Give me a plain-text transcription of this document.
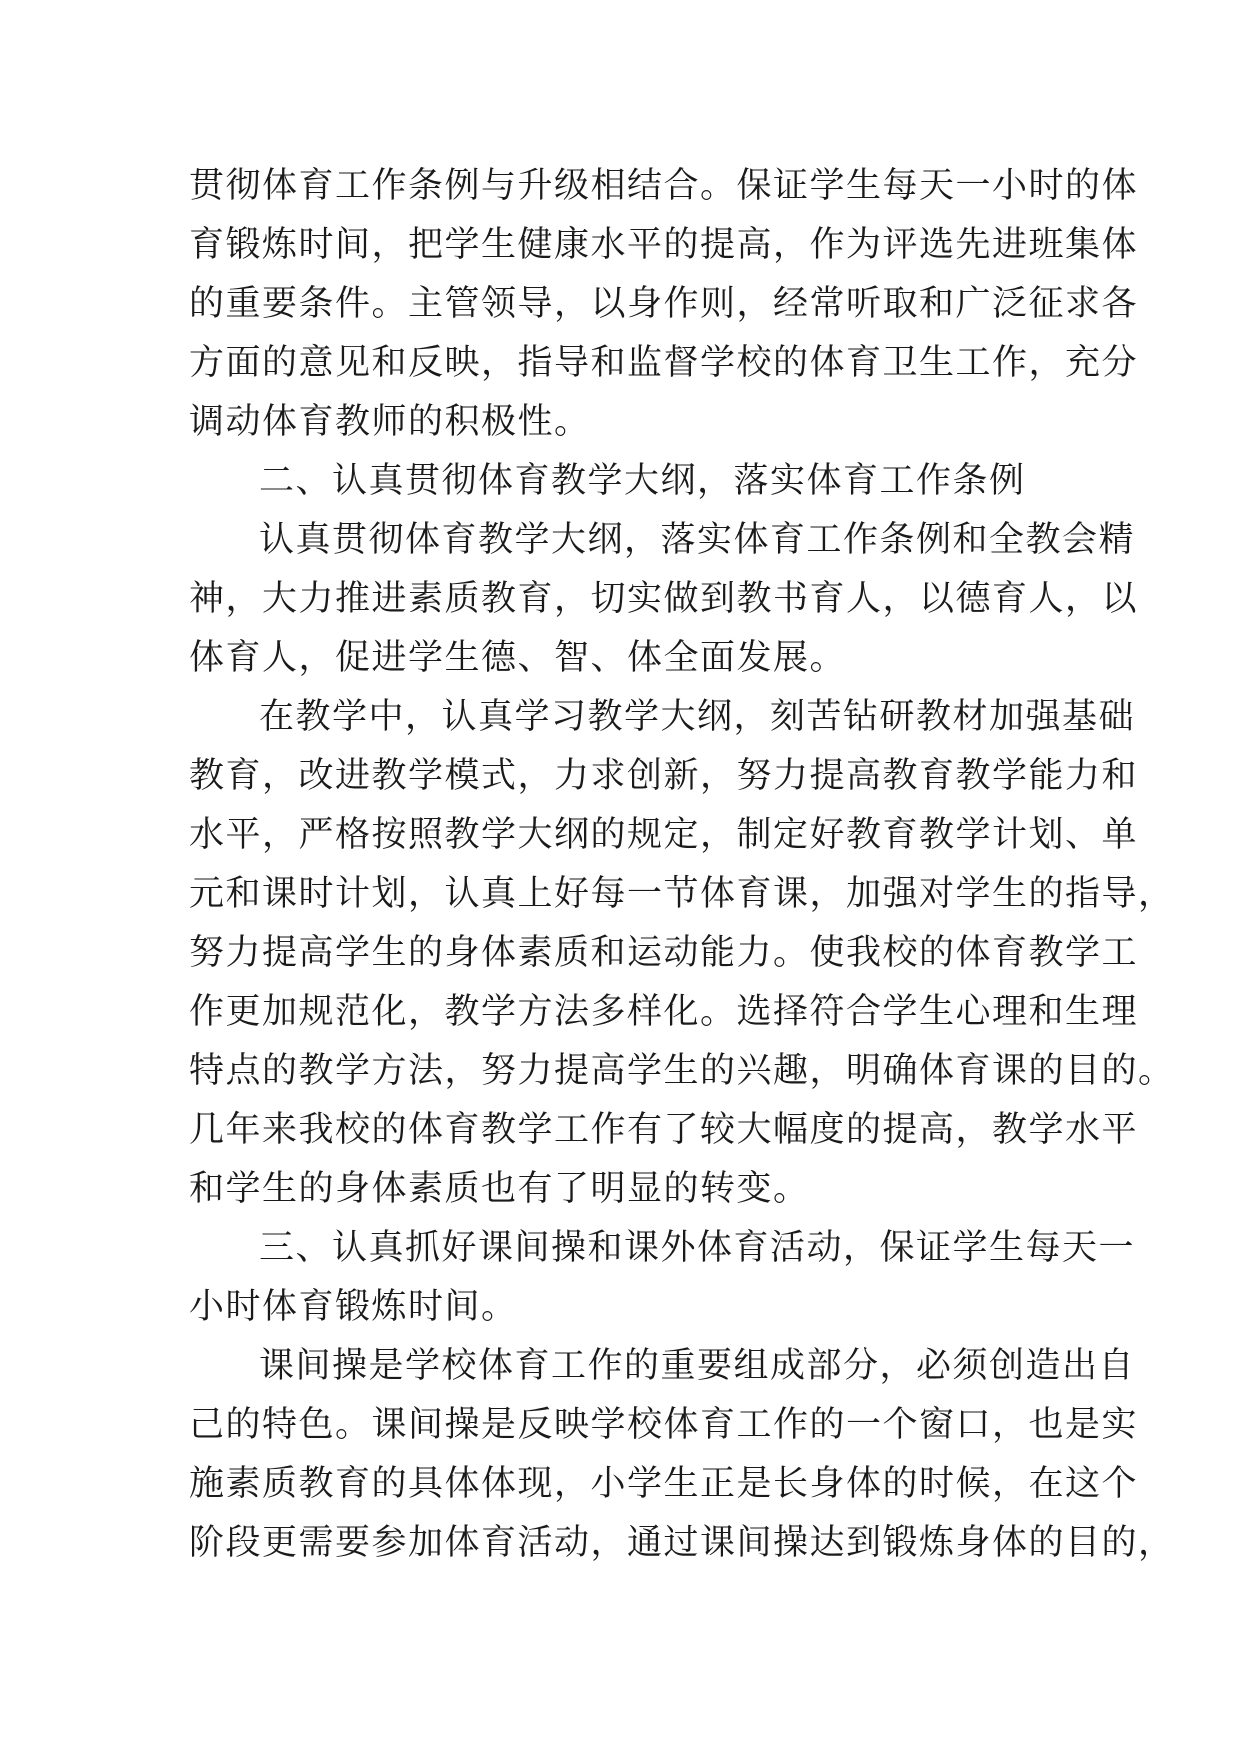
贯彻体育工作条例与升级相结合。保证学生每天一小时的体
育锻炼时间，把学生健康水平的提高，作为评选先进班集体
的重要条件。主管领导，以身作则，经常听取和广泛征求各
方面的意见和反映，指导和监督学校的体育卫生工作，充分
调动体育教师的积极性。
二、认真贯彻体育教学大纲，落实体育工作条例
认真贯彻体育教学大纲，落实体育工作条例和全教会精
神，大力推进素质教育，切实做到教书育人，以德育人，以
体育人，促进学生德、智、体全面发展。
在教学中，认真学习教学大纲，刻苦钻研教材加强基础
教育，改进教学模式，力求创新，努力提高教育教学能力和
水平，严格按照教学大纲的规定，制定好教育教学计划、单
元和课时计划，认真上好每一节体育课，加强对学生的指导，
努力提高学生的身体素质和运动能力。使我校的体育教学工
作更加规范化，教学方法多样化。选择符合学生心理和生理
特点的教学方法，努力提高学生的兴趣，明确体育课的目的。
几年来我校的体育教学工作有了较大幅度的提高，教学水平
和学生的身体素质也有了明显的转变。
三、认真抓好课间操和课外体育活动，保证学生每天一
小时体育锻炼时间。
课间操是学校体育工作的重要组成部分，必须创造出自
己的特色。课间操是反映学校体育工作的一个窗口，也是实
施素质教育的具体体现，小学生正是长身体的时候，在这个
阶段更需要参加体育活动，通过课间操达到锻炼身体的目的，
